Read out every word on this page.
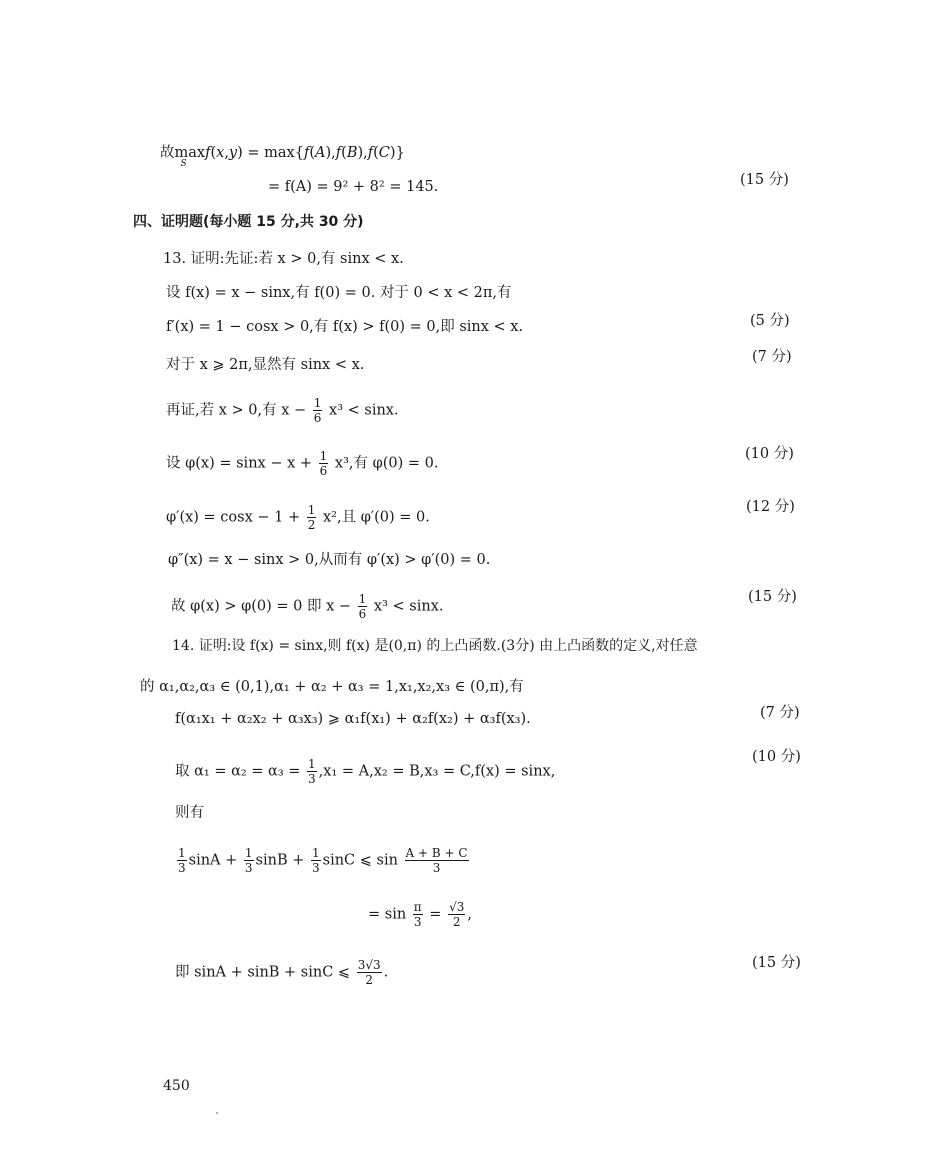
故max
S
f(x,y) = max{f(A),f(B),f(C)}
= f(A) = 9² + 8² = 145.	(15 分)
四、证明题(每小题 15 分,共 30 分)
13. 证明:先证:若 x > 0,有 sinx < x.
设 f(x) = x − sinx,有 f(0) = 0. 对于 0 < x < 2π,有
f′(x) = 1 − cosx > 0,有 f(x) > f(0) = 0,即 sinx < x.	(5 分)
对于 x ⩾ 2π,显然有 sinx < x.	(7 分)
再证,若 x > 0,有 $x - \frac{1}{6} x^3 < \sin x$.
设 $\varphi(x) = \sin x - x + \frac{1}{6} x^3$,有 φ(0) = 0.
(10 分)
$\varphi'(x) = \cos x - 1 + \frac{1}{2} x^2$,且 φ′(0) = 0.
(12 分)
φ″(x) = x − sinx > 0,从而有 φ′(x) > φ′(0) = 0.
故 φ(x) > φ(0) = 0 即 $x - \frac{1}{6} x^3 < \sin x$.
(15 分)
14. 证明:设 f(x) = sinx,则 f(x) 是(0,π) 的上凸函数.(3分) 由上凸函数的定义,对任意
的 α₁,α₂,α₃ ∈ (0,1),α₁ + α₂ + α₃ = 1,x₁,x₂,x₃ ∈ (0,π),有
f(α₁x₁ + α₂x₂ + α₃x₃) ⩾ α₁f(x₁) + α₂f(x₂) + α₃f(x₃).	(7 分)
取 $\alpha_1 = \alpha_2 = \alpha_3 = \frac{1}{3} ,x_1 = A,x_2 = B,x_3 = C,f(x) = \sin x$,
(10 分)
则有
$\frac{1}{3}$ $\sin A + \frac{1}{3}$ $\sin B + \frac{1}{3}$ sinC ⩽ $\sin \frac{A + B + C}{3}$
= $\sin \frac{\pi}{3} = \frac{√3}{2}$ ,
即 sinA + sinB + sinC ⩽ $\frac{3√3}{2}$ .
(15 分)
450
